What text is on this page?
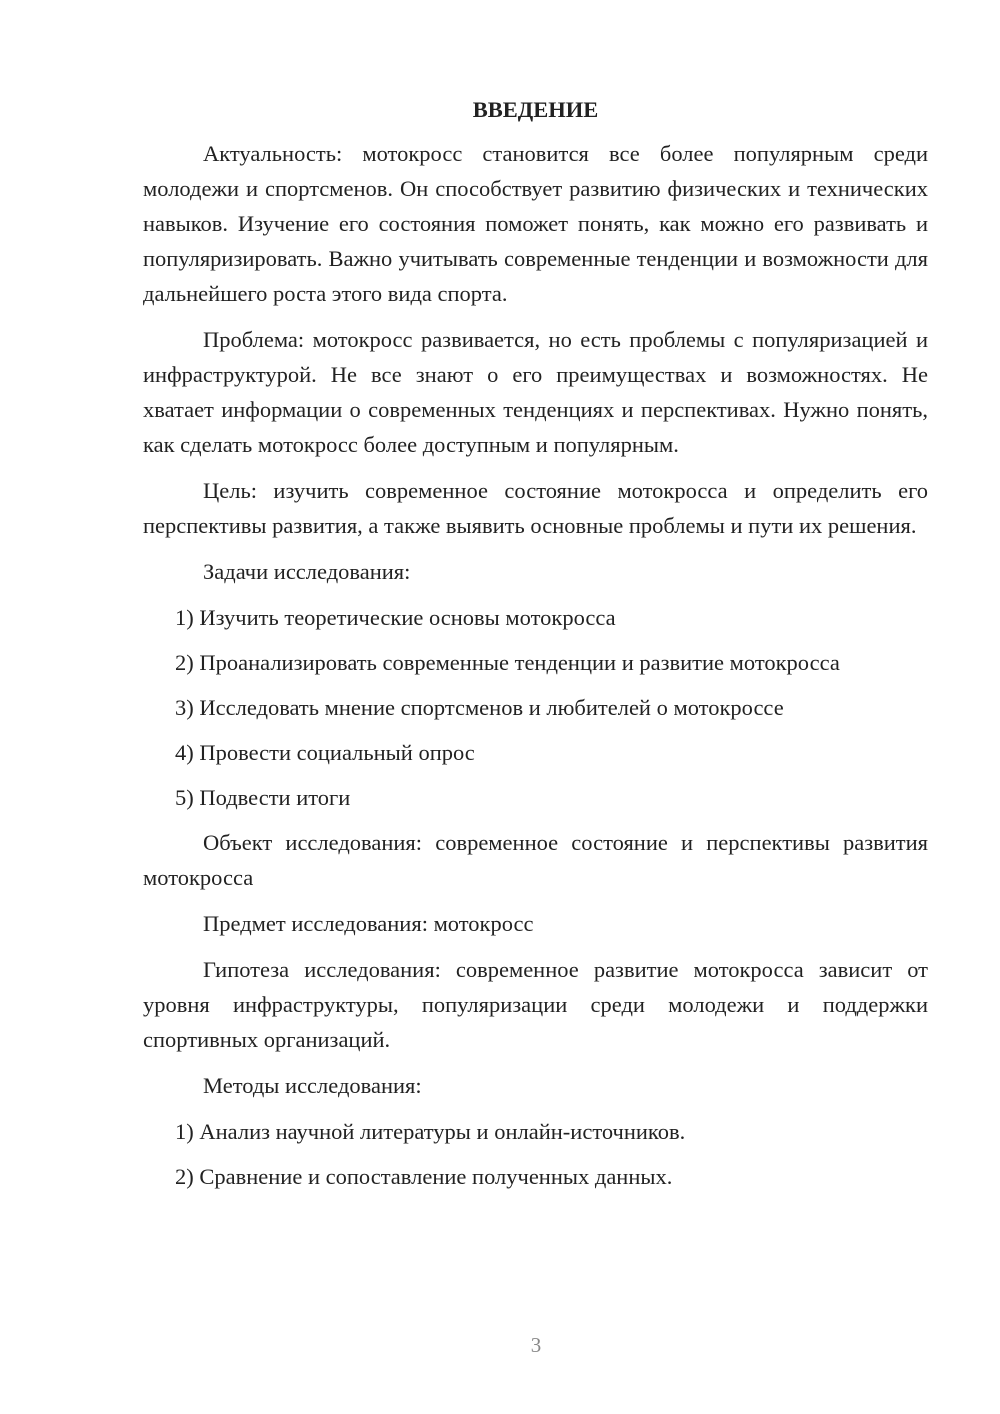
ВВЕДЕНИЕ

Актуальность: мотокросс становится все более популярным среди молодежи и спортсменов. Он способствует развитию физических и технических навыков. Изучение его состояния поможет понять, как можно его развивать и популяризировать. Важно учитывать современные тенденции и возможности для дальнейшего роста этого вида спорта.

Проблема: мотокросс развивается, но есть проблемы с популяризацией и инфраструктурой. Не все знают о его преимуществах и возможностях. Не хватает информации о современных тенденциях и перспективах. Нужно понять, как сделать мотокросс более доступным и популярным.

Цель: изучить современное состояние мотокросса и определить его перспективы развития, а также выявить основные проблемы и пути их решения.

Задачи исследования:

1) Изучить теоретические основы мотокросса
2) Проанализировать современные тенденции и развитие мотокросса
3) Исследовать мнение спортсменов и любителей о мотокроссе
4) Провести социальный опрос
5) Подвести итоги

Объект исследования: современное состояние и перспективы развития мотокросса

Предмет исследования: мотокросс

Гипотеза исследования: современное развитие мотокросса зависит от уровня инфраструктуры, популяризации среди молодежи и поддержки спортивных организаций.

Методы исследования:

1) Анализ научной литературы и онлайн-источников.
2) Сравнение и сопоставление полученных данных.
3
